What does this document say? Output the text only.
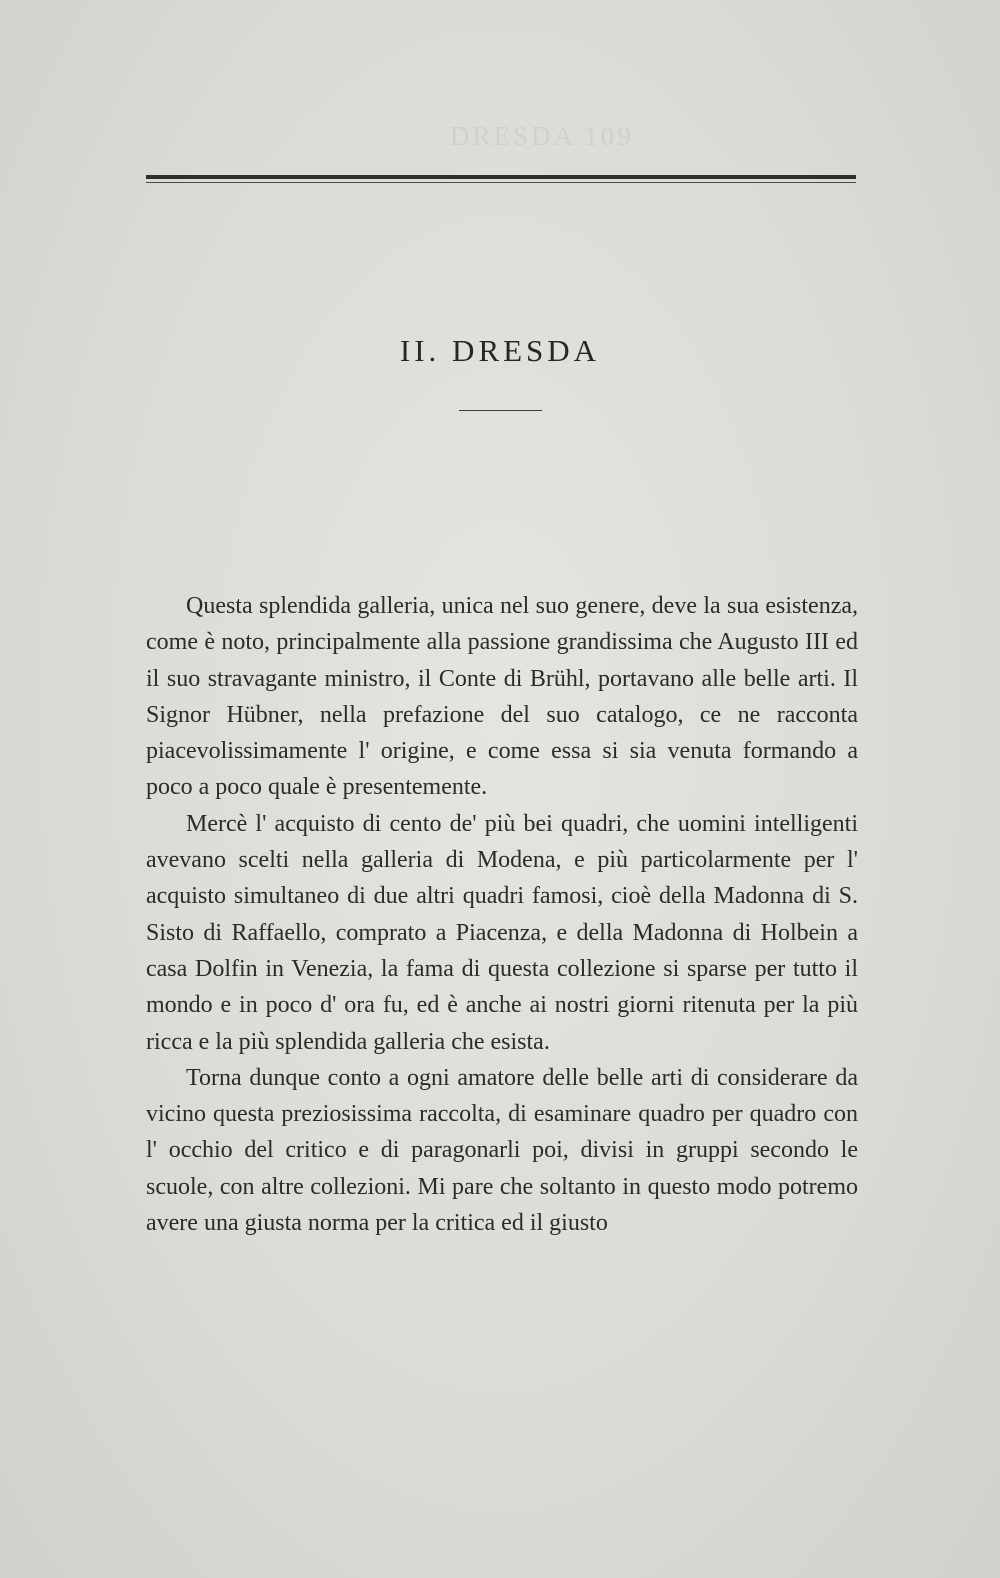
DRESDA 109
II. DRESDA

Questa splendida galleria, unica nel suo genere, deve la sua esistenza, come è noto, principalmente alla passione grandissima che Augusto III ed il suo stravagante ministro, il Conte di Brühl, portavano alle belle arti. Il Signor Hübner, nella prefazione del suo catalogo, ce ne racconta piacevolissimamente l' origine, e come essa si sia venuta formando a poco a poco quale è presentemente.

Mercè l' acquisto di cento de' più bei quadri, che uomini intelligenti avevano scelti nella galleria di Modena, e più particolarmente per l' acquisto simultaneo di due altri quadri famosi, cioè della Madonna di S. Sisto di Raffaello, comprato a Piacenza, e della Madonna di Holbein a casa Dolfin in Venezia, la fama di questa collezione si sparse per tutto il mondo e in poco d' ora fu, ed è anche ai nostri giorni ritenuta per la più ricca e la più splendida galleria che esista.

Torna dunque conto a ogni amatore delle belle arti di considerare da vicino questa preziosissima raccolta, di esaminare quadro per quadro con l' occhio del critico e di paragonarli poi, divisi in gruppi secondo le scuole, con altre collezioni. Mi pare che soltanto in questo modo potremo avere una giusta norma per la critica ed il giusto
